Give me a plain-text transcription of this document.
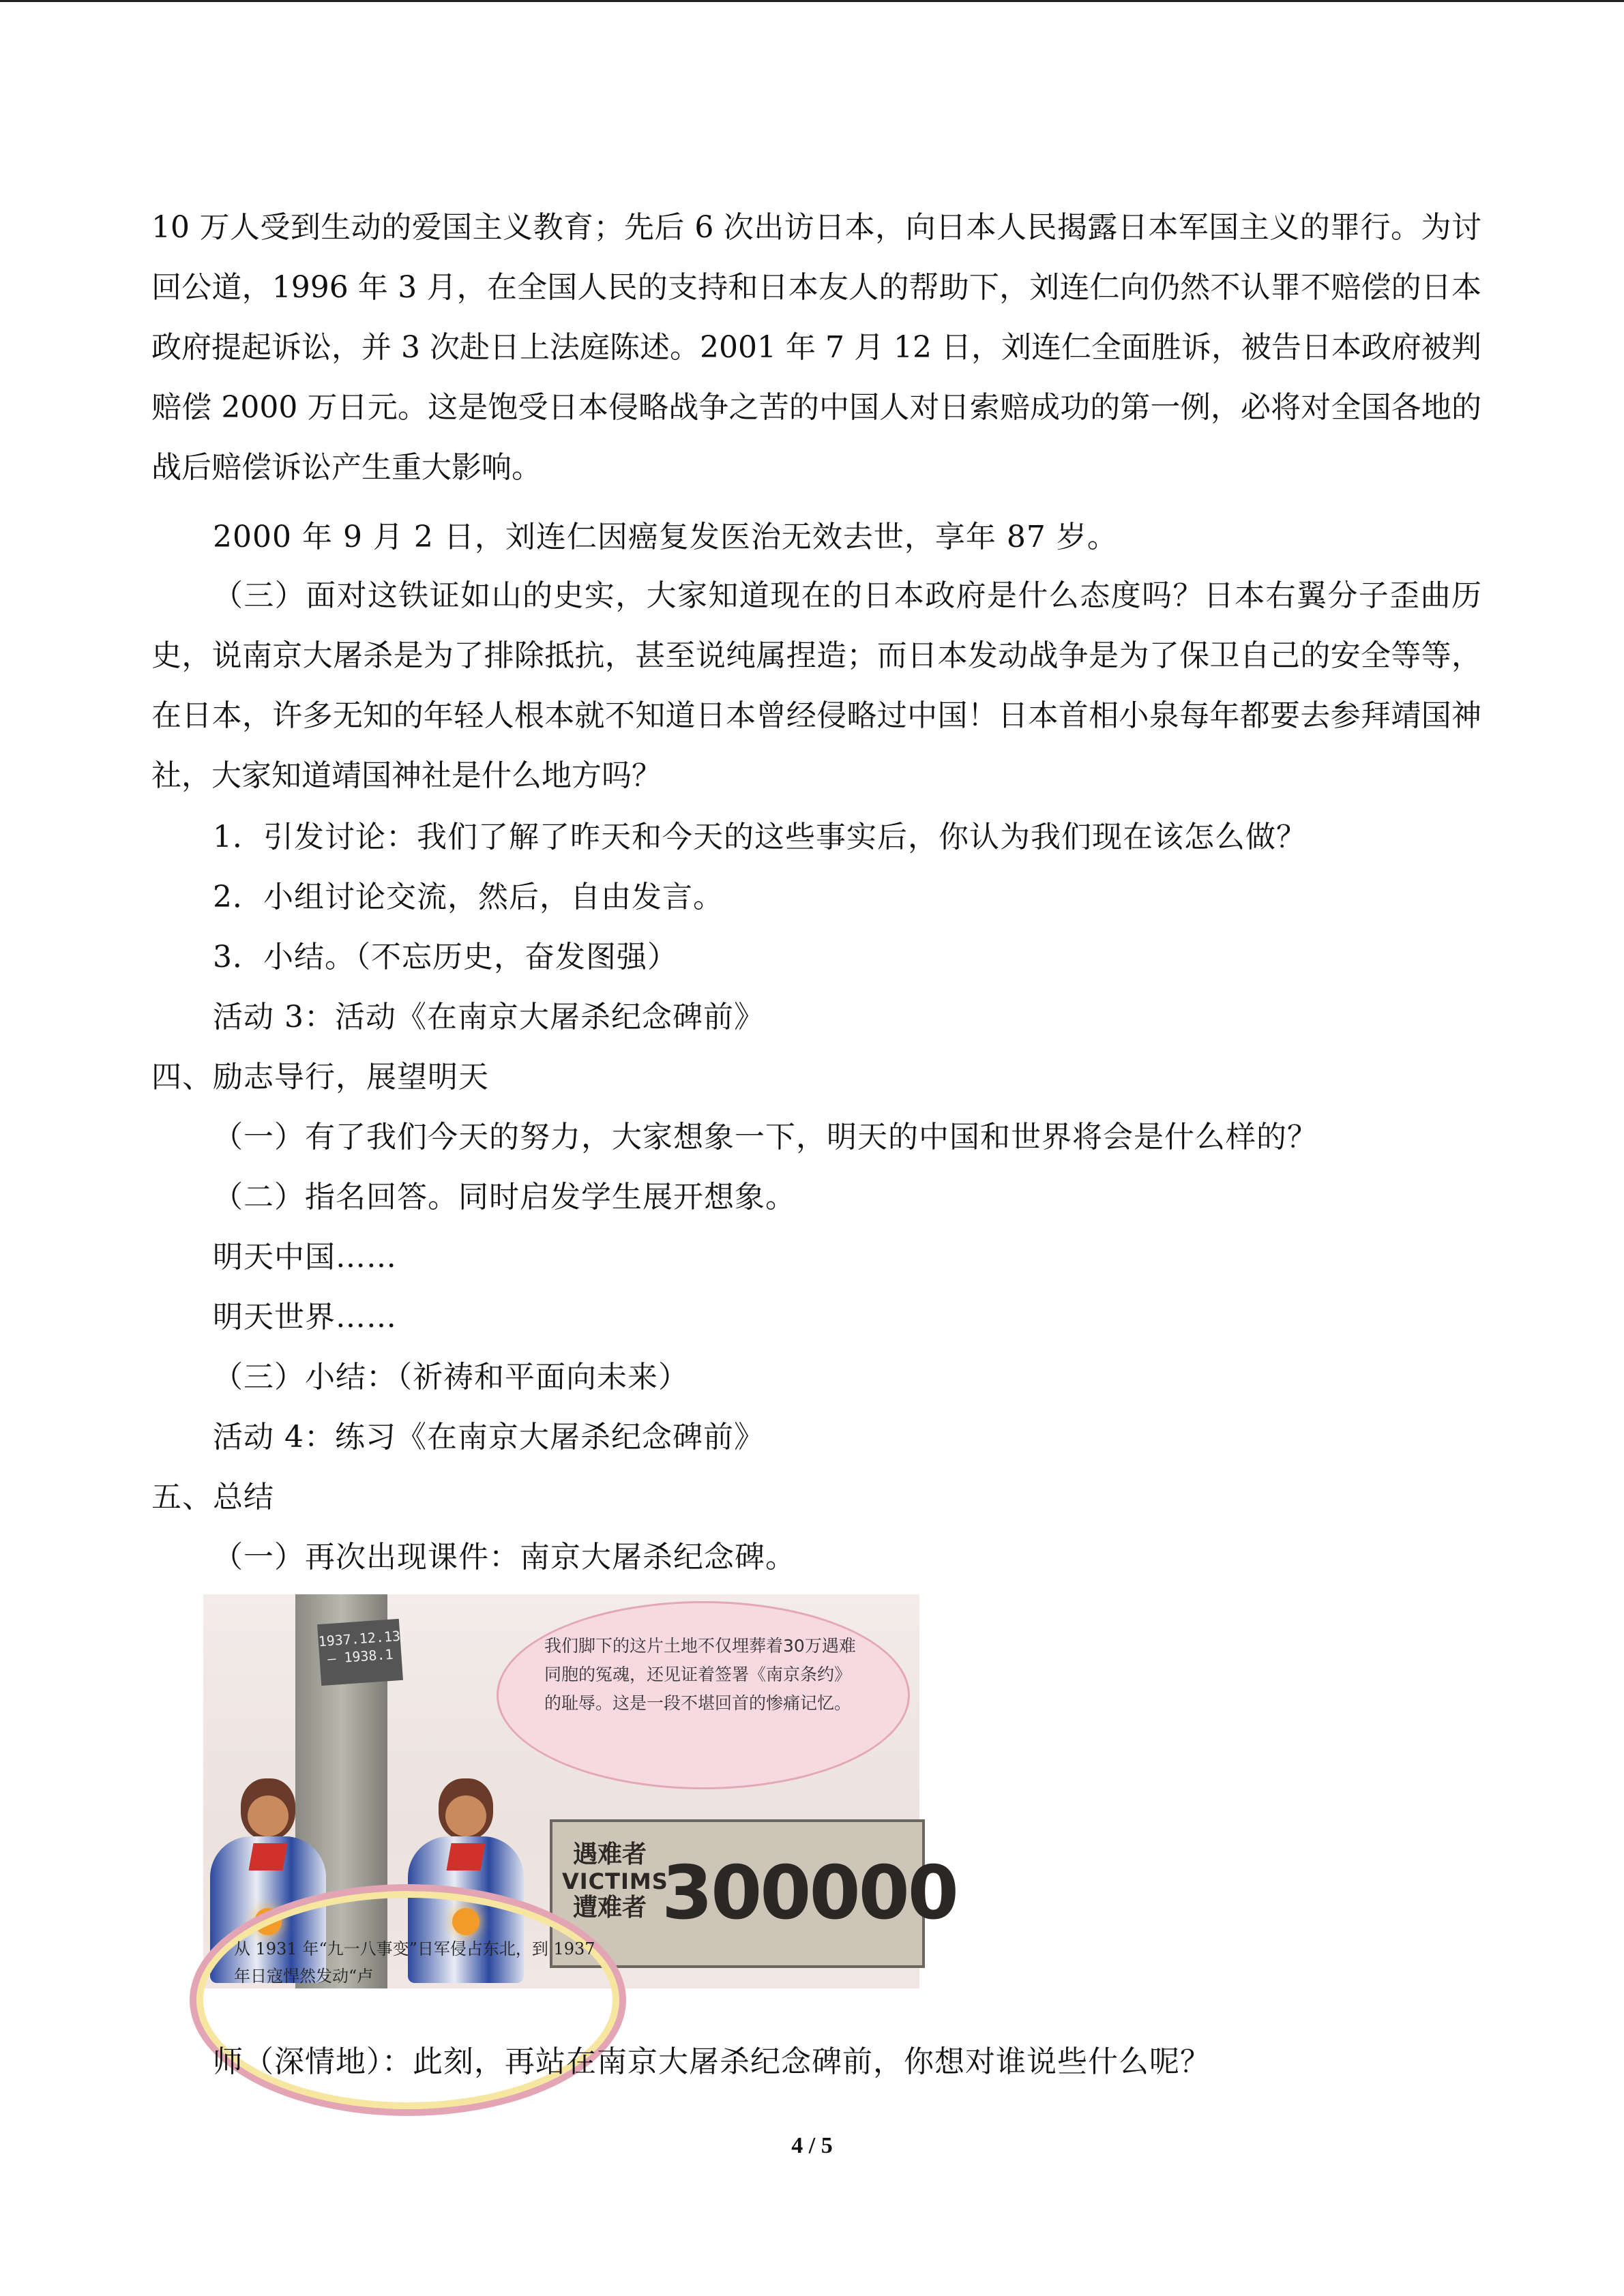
10 万人受到生动的爱国主义教育；先后 6 次出访日本，向日本人民揭露日本军国主义的罪行。为讨回公道，1996 年 3 月，在全国人民的支持和日本友人的帮助下，刘连仁向仍然不认罪不赔偿的日本政府提起诉讼，并 3 次赴日上法庭陈述。2001 年 7 月 12 日，刘连仁全面胜诉，被告日本政府被判赔偿 2000 万日元。这是饱受日本侵略战争之苦的中国人对日索赔成功的第一例，必将对全国各地的战后赔偿诉讼产生重大影响。

2000 年 9 月 2 日，刘连仁因癌复发医治无效去世，享年 87 岁。

（三）面对这铁证如山的史实，大家知道现在的日本政府是什么态度吗？日本右翼分子歪曲历史，说南京大屠杀是为了排除抵抗，甚至说纯属捏造；而日本发动战争是为了保卫自己的安全等等，在日本，许多无知的年轻人根本就不知道日本曾经侵略过中国！日本首相小泉每年都要去参拜靖国神社，大家知道靖国神社是什么地方吗？

1．引发讨论：我们了解了昨天和今天的这些事实后，你认为我们现在该怎么做？
2．小组讨论交流，然后，自由发言。
3．小结。（不忘历史，奋发图强）
活动 3：活动《在南京大屠杀纪念碑前》
四、励志导行，展望明天
（一）有了我们今天的努力，大家想象一下，明天的中国和世界将会是什么样的？
（二）指名回答。同时启发学生展开想象。
明天中国……
明天世界……
（三）小结：（祈祷和平面向未来）
活动 4：练习《在南京大屠杀纪念碑前》
五、总结
（一）再次出现课件：南京大屠杀纪念碑。
1937.12.13 — 1938.1
我们脚下的这片土地不仅埋葬着30万遇难同胞的冤魂，还见证着签署《南京条约》的耻辱。这是一段不堪回首的惨痛记忆。
遇难者
VICTIMS
遭难者 300000
从 1931 年“九一八事变”日军侵占东北，到 1937 年日寇悍然发动“卢
师（深情地）：此刻，再站在南京大屠杀纪念碑前，你想对谁说些什么呢？
4 / 5
